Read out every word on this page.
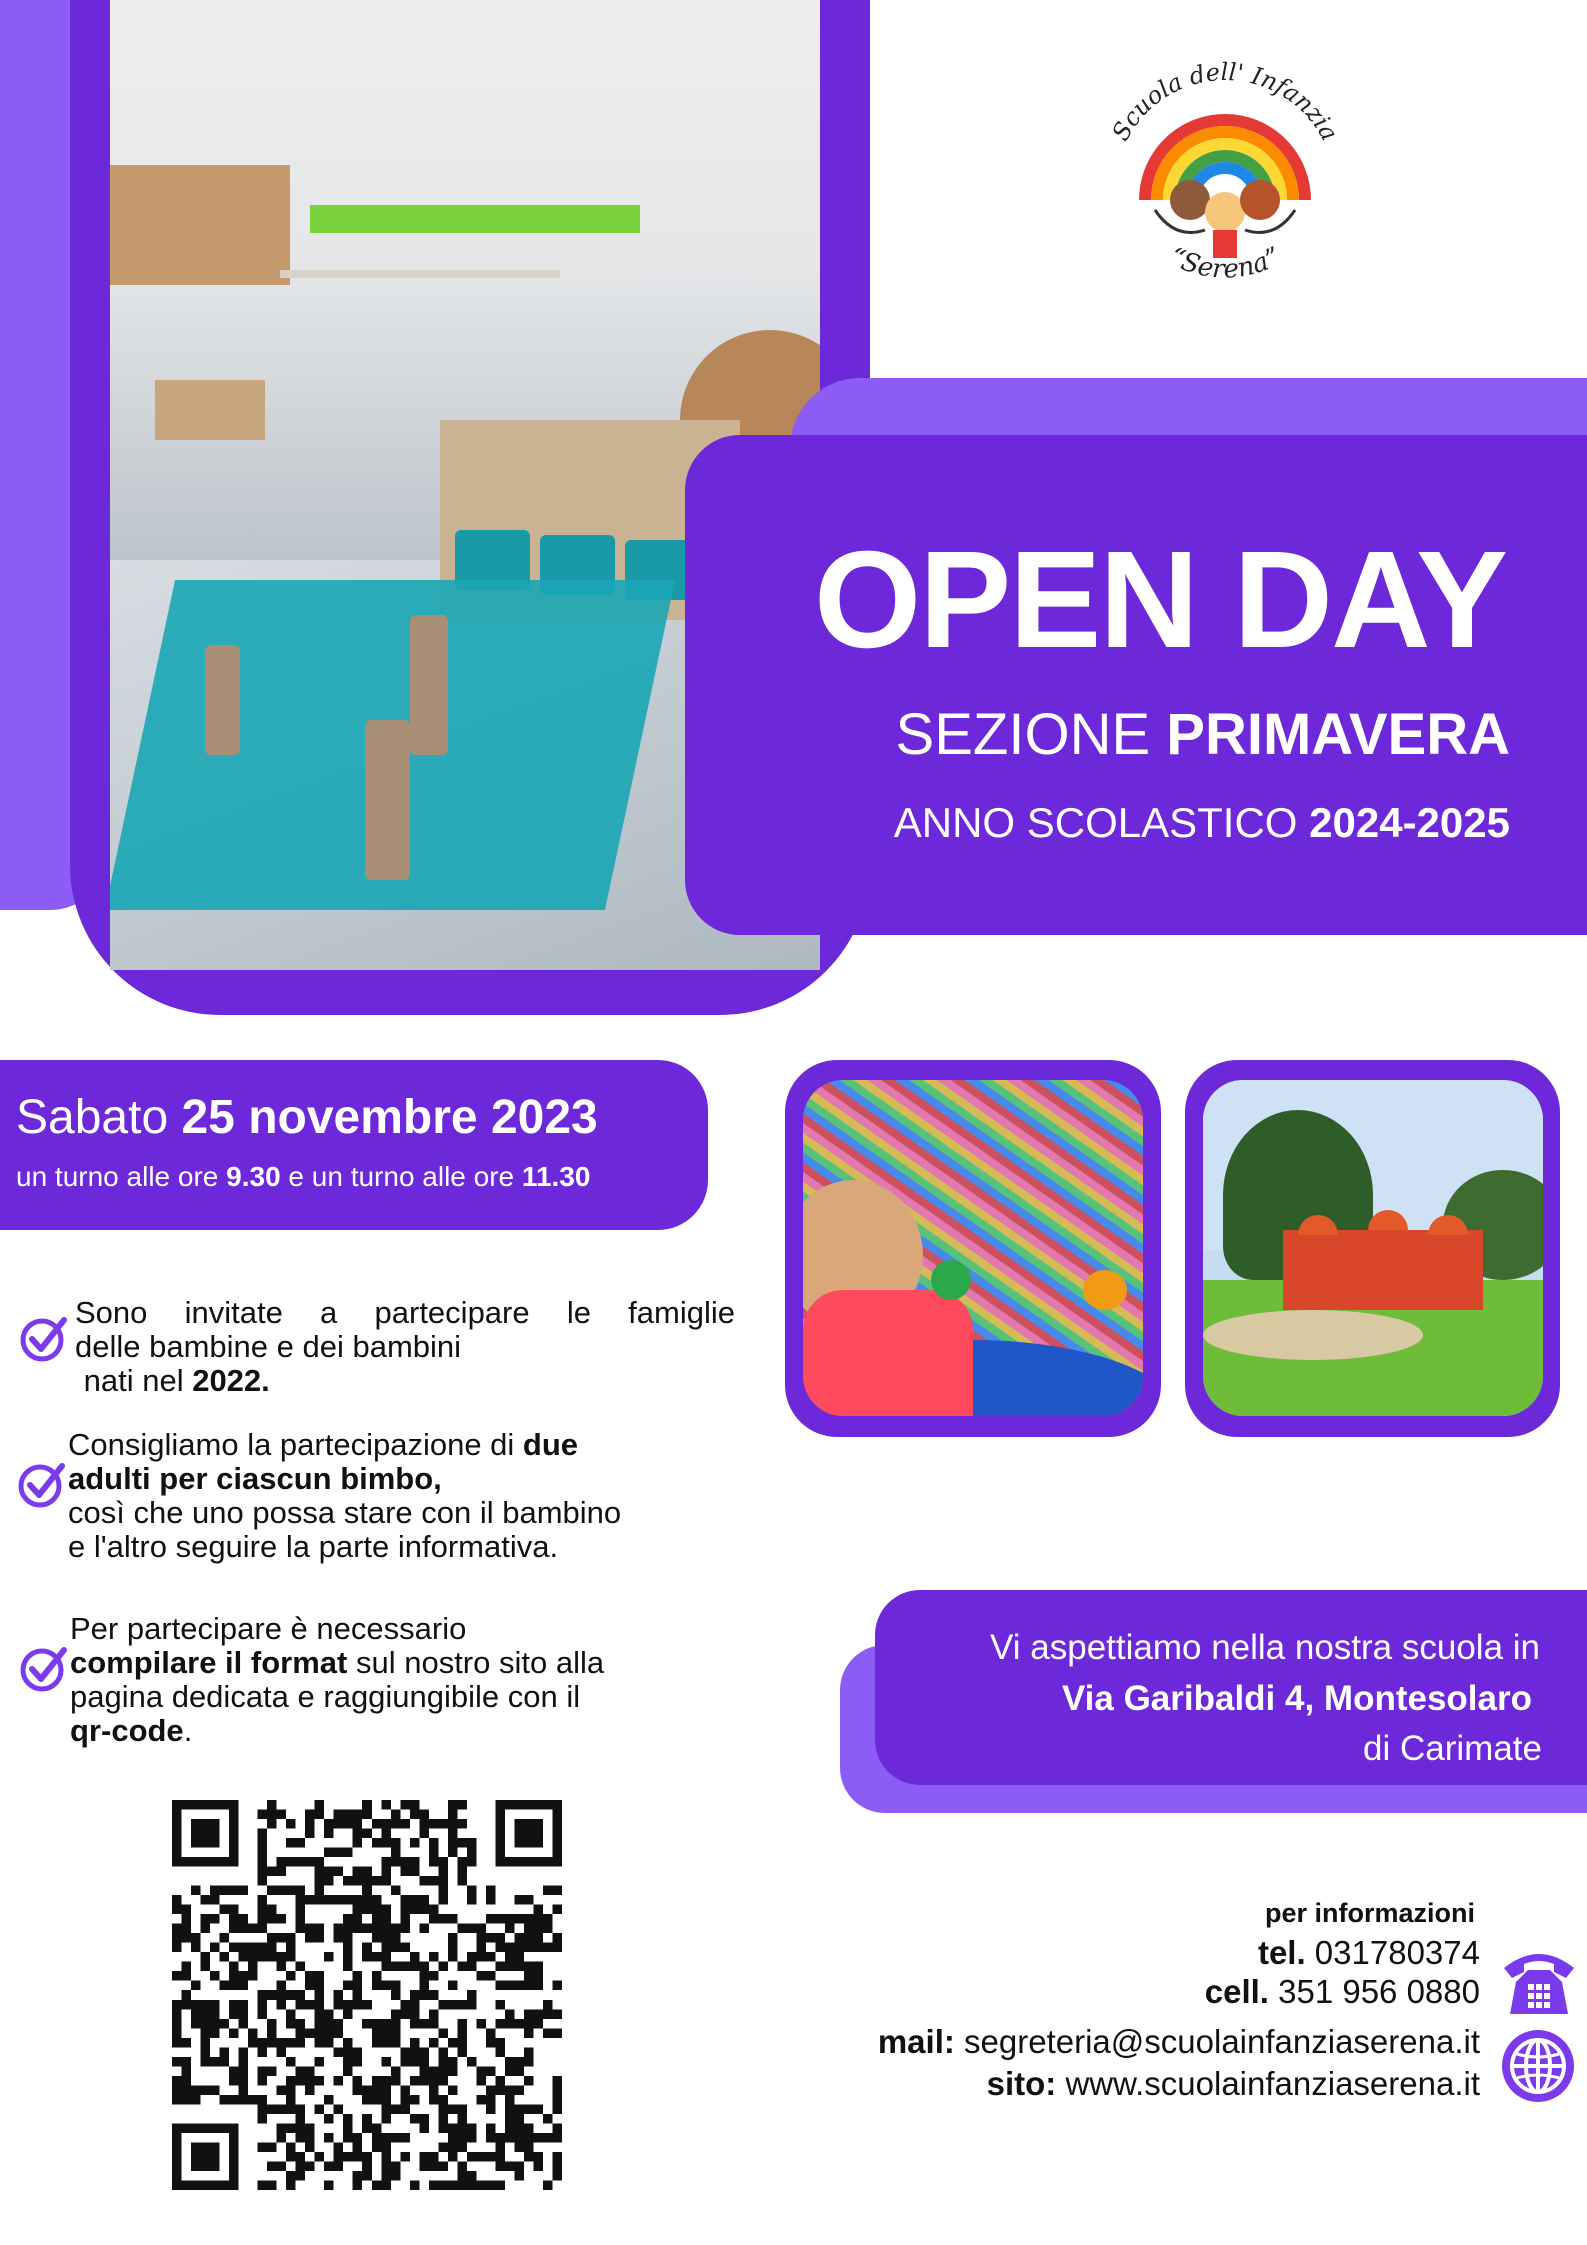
Scuola dell' Infanzia
“Serena”
OPEN DAY
SEZIONE PRIMAVERA
ANNO SCOLASTICO 2024-2025
Sabato 25 novembre 2023
un turno alle ore 9.30 e un turno alle ore 11.30
Sono invitate a partecipare le famiglie
delle bambine e dei bambini
nati nel 2022.
Consigliamo la partecipazione di due
adulti per ciascun bimbo,
così che uno possa stare con il bambino
e l'altro seguire la parte informativa.
Per partecipare è necessario
compilare il format sul nostro sito alla
pagina dedicata e raggiungibile con il
qr-code.
Vi aspettiamo nella nostra scuola in
Via Garibaldi 4, Montesolaro
di Carimate
per informazioni
tel. 031780374
cell. 351 956 0880
mail: segreteria@scuolainfanziaserena.it
sito: www.scuolainfanziaserena.it
